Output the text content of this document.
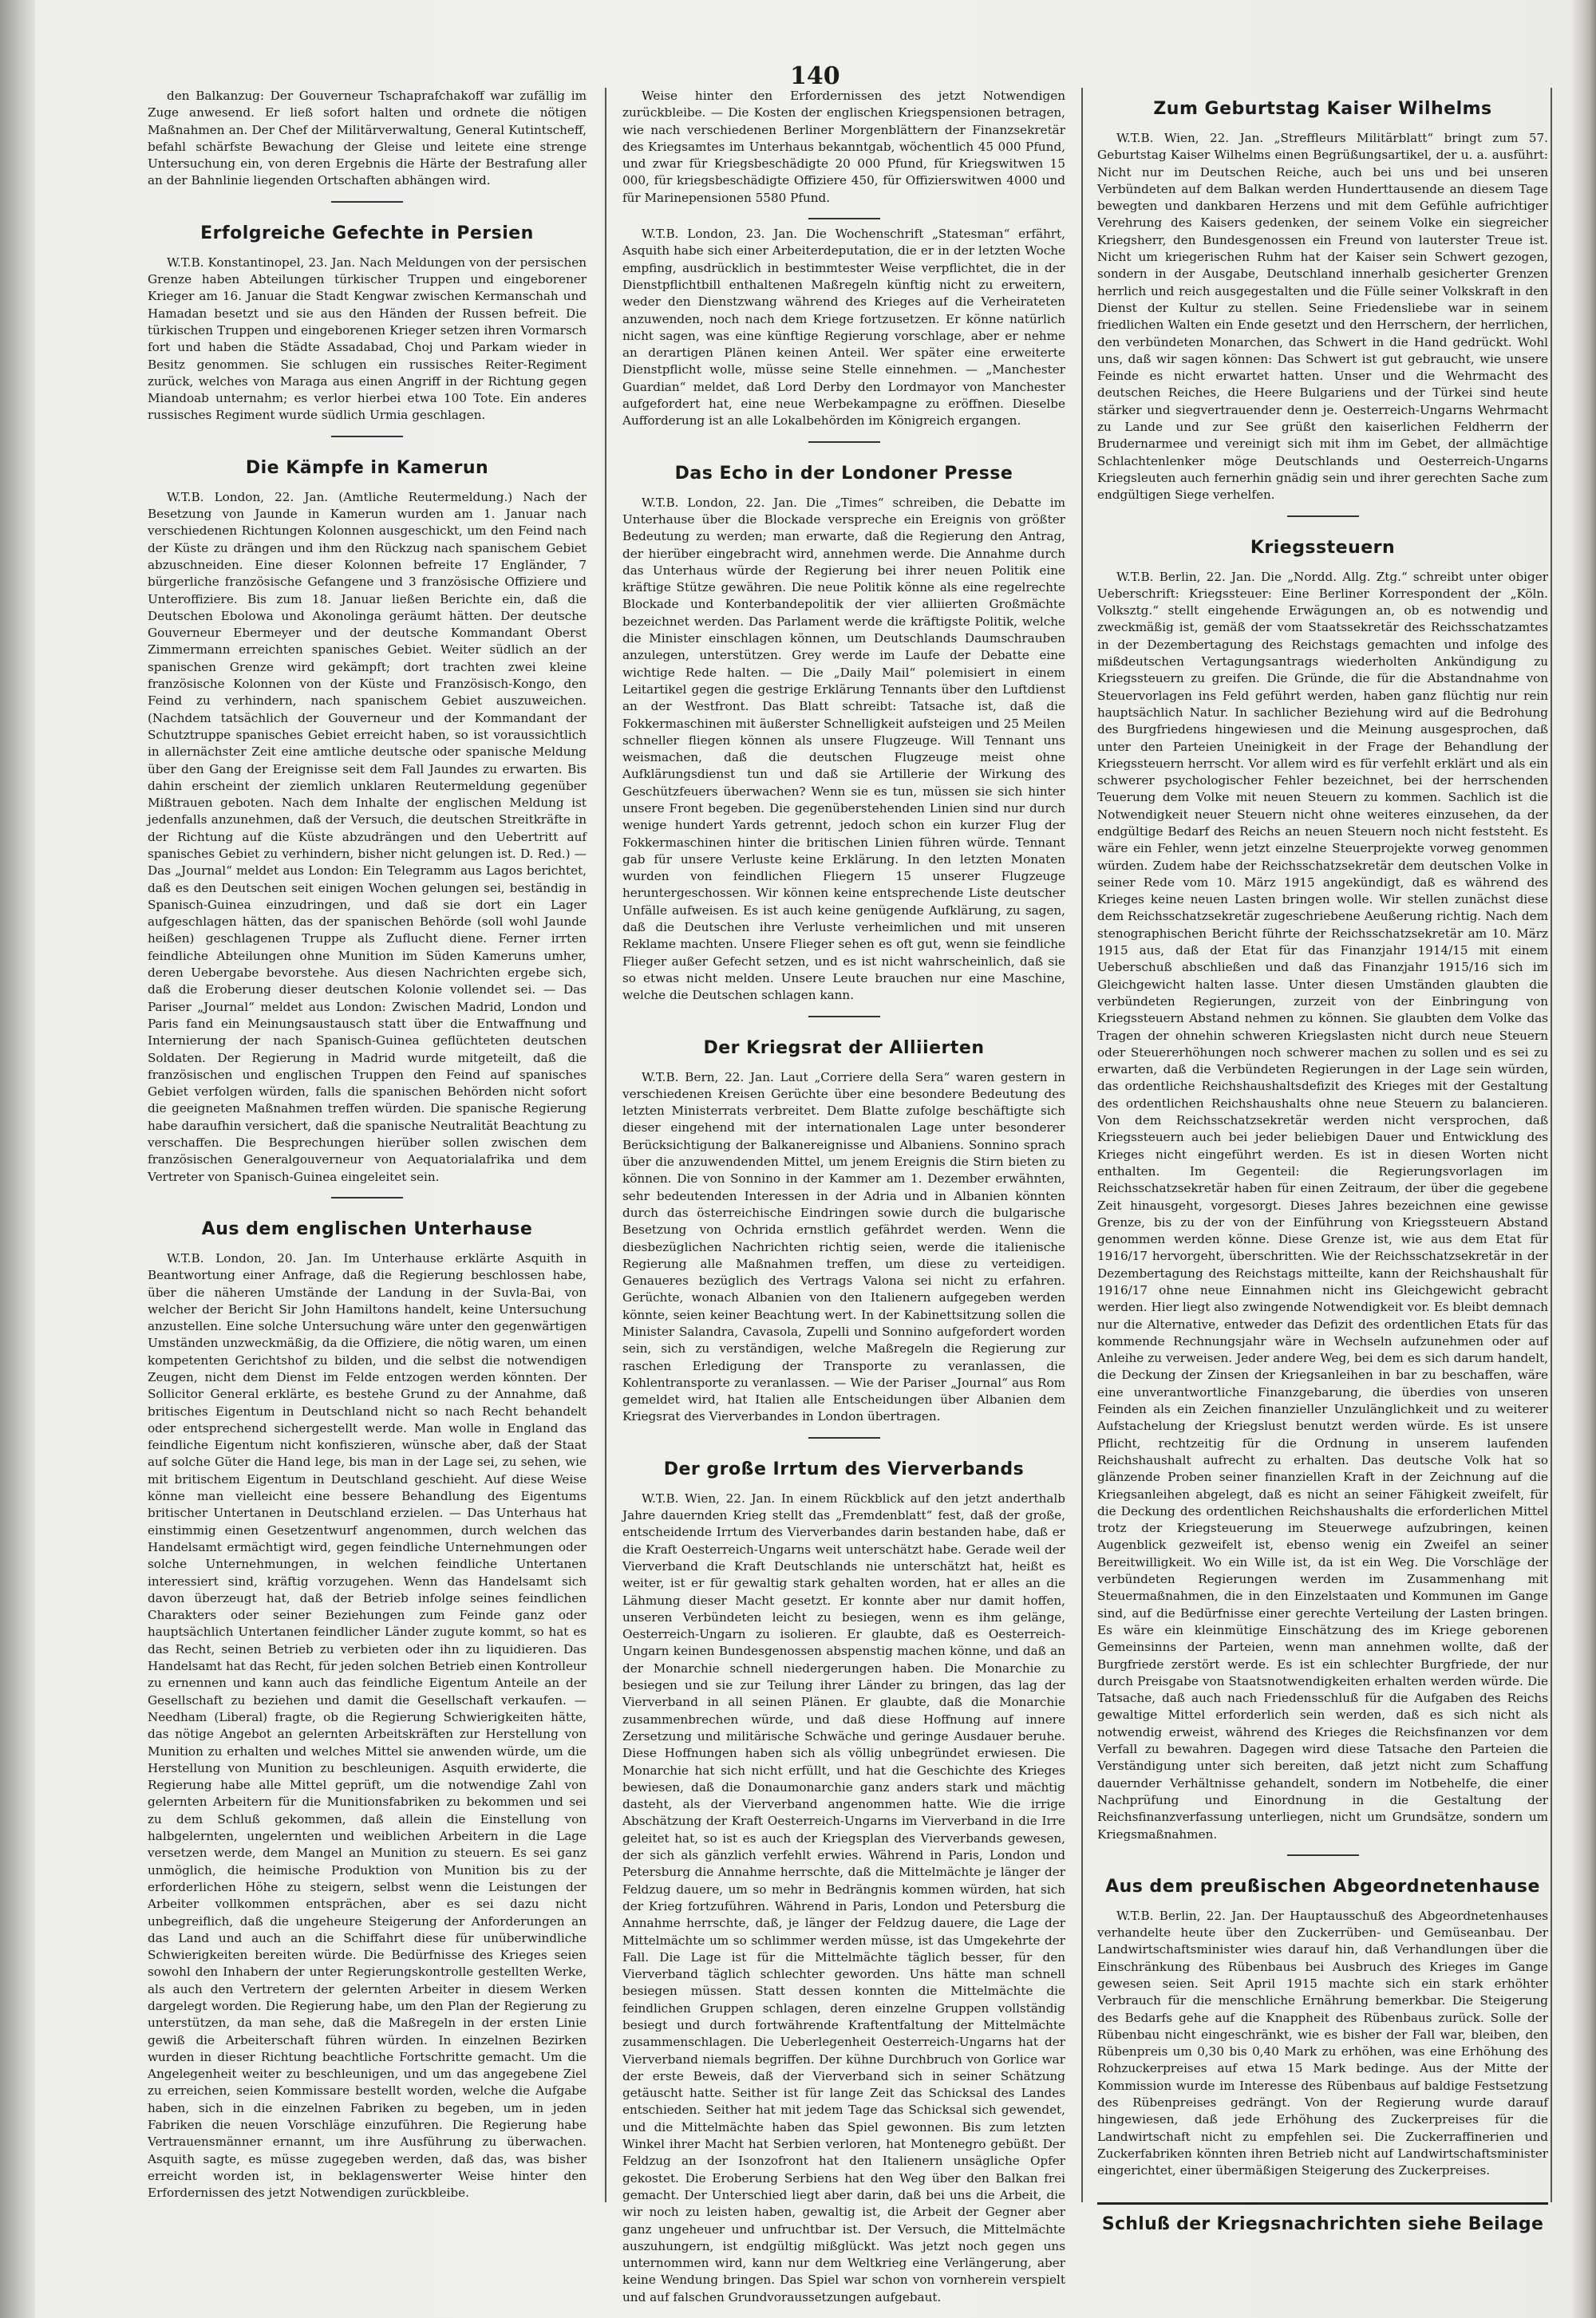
140

den Balkanzug: Der Gouverneur Tschaprafchakoff war zufällig im Zuge anwesend. Er ließ sofort halten und ordnete die nötigen Maßnahmen an. Der Chef der Militärverwaltung, General Kutintscheff, befahl schärfste Bewachung der Gleise und leitete eine strenge Untersuchung ein, von deren Ergebnis die Härte der Bestrafung aller an der Bahnlinie liegenden Ortschaften abhängen wird.

Erfolgreiche Gefechte in Persien

W.T.B. Konstantinopel, 23. Jan. Nach Meldungen von der persischen Grenze haben Abteilungen türkischer Truppen und eingeborener Krieger am 16. Januar die Stadt Kengwar zwischen Kermanschah und Hamadan besetzt und sie aus den Händen der Russen befreit. Die türkischen Truppen und eingeborenen Krieger setzen ihren Vormarsch fort und haben die Städte Assadabad, Choj und Parkam wieder in Besitz genommen. Sie schlugen ein russisches Reiter-Regiment zurück, welches von Maraga aus einen Angriff in der Richtung gegen Miandoab unternahm; es verlor hierbei etwa 100 Tote. Ein anderes russisches Regiment wurde südlich Urmia geschlagen.

Die Kämpfe in Kamerun

W.T.B. London, 22. Jan. (Amtliche Reutermeldung.) Nach der Besetzung von Jaunde in Kamerun wurden am 1. Januar nach verschiedenen Richtungen Kolonnen ausgeschickt, um den Feind nach der Küste zu drängen und ihm den Rückzug nach spanischem Gebiet abzuschneiden. Eine dieser Kolonnen befreite 17 Engländer, 7 bürgerliche französische Gefangene und 3 französische Offiziere und Unteroffiziere. Bis zum 18. Januar ließen Berichte ein, daß die Deutschen Ebolowa und Akonolinga geräumt hätten. Der deutsche Gouverneur Ebermeyer und der deutsche Kommandant Oberst Zimmermann erreichten spanisches Gebiet. Weiter südlich an der spanischen Grenze wird gekämpft; dort trachten zwei kleine französische Kolonnen von der Küste und Französisch-Kongo, den Feind zu verhindern, nach spanischem Gebiet auszuweichen. (Nachdem tatsächlich der Gouverneur und der Kommandant der Schutztruppe spanisches Gebiet erreicht haben, so ist voraussichtlich in allernächster Zeit eine amtliche deutsche oder spanische Meldung über den Gang der Ereignisse seit dem Fall Jaundes zu erwarten. Bis dahin erscheint der ziemlich unklaren Reutermeldung gegenüber Mißtrauen geboten. Nach dem Inhalte der englischen Meldung ist jedenfalls anzunehmen, daß der Versuch, die deutschen Streitkräfte in der Richtung auf die Küste abzudrängen und den Uebertritt auf spanisches Gebiet zu verhindern, bisher nicht gelungen ist. D. Red.) — Das „Journal“ meldet aus London: Ein Telegramm aus Lagos berichtet, daß es den Deutschen seit einigen Wochen gelungen sei, beständig in Spanisch-Guinea einzudringen, und daß sie dort ein Lager aufgeschlagen hätten, das der spanischen Behörde (soll wohl Jaunde heißen) geschlagenen Truppe als Zuflucht diene. Ferner irrten feindliche Abteilungen ohne Munition im Süden Kameruns umher, deren Uebergabe bevorstehe. Aus diesen Nachrichten ergebe sich, daß die Eroberung dieser deutschen Kolonie vollendet sei. — Das Pariser „Journal“ meldet aus London: Zwischen Madrid, London und Paris fand ein Meinungsaustausch statt über die Entwaffnung und Internierung der nach Spanisch-Guinea geflüchteten deutschen Soldaten. Der Regierung in Madrid wurde mitgeteilt, daß die französischen und englischen Truppen den Feind auf spanisches Gebiet verfolgen würden, falls die spanischen Behörden nicht sofort die geeigneten Maßnahmen treffen würden. Die spanische Regierung habe daraufhin versichert, daß die spanische Neutralität Beachtung zu verschaffen. Die Besprechungen hierüber sollen zwischen dem französischen Generalgouverneur von Aequatorialafrika und dem Vertreter von Spanisch-Guinea eingeleitet sein.

Aus dem englischen Unterhause

W.T.B. London, 20. Jan. Im Unterhause erklärte Asquith in Beantwortung einer Anfrage, daß die Regierung beschlossen habe, über die näheren Umstände der Landung in der Suvla-Bai, von welcher der Bericht Sir John Hamiltons handelt, keine Untersuchung anzustellen. Eine solche Untersuchung wäre unter den gegenwärtigen Umständen unzweckmäßig, da die Offiziere, die nötig waren, um einen kompetenten Gerichtshof zu bilden, und die selbst die notwendigen Zeugen, nicht dem Dienst im Felde entzogen werden könnten. Der Sollicitor General erklärte, es bestehe Grund zu der Annahme, daß britisches Eigentum in Deutschland nicht so nach Recht behandelt oder entsprechend sichergestellt werde. Man wolle in England das feindliche Eigentum nicht konfiszieren, wünsche aber, daß der Staat auf solche Güter die Hand lege, bis man in der Lage sei, zu sehen, wie mit britischem Eigentum in Deutschland geschieht. Auf diese Weise könne man vielleicht eine bessere Behandlung des Eigentums britischer Untertanen in Deutschland erzielen. — Das Unterhaus hat einstimmig einen Gesetzentwurf angenommen, durch welchen das Handelsamt ermächtigt wird, gegen feindliche Unternehmungen oder solche Unternehmungen, in welchen feindliche Untertanen interessiert sind, kräftig vorzugehen. Wenn das Handelsamt sich davon überzeugt hat, daß der Betrieb infolge seines feindlichen Charakters oder seiner Beziehungen zum Feinde ganz oder hauptsächlich Untertanen feindlicher Länder zugute kommt, so hat es das Recht, seinen Betrieb zu verbieten oder ihn zu liquidieren. Das Handelsamt hat das Recht, für jeden solchen Betrieb einen Kontrolleur zu ernennen und kann auch das feindliche Eigentum Anteile an der Gesellschaft zu beziehen und damit die Gesellschaft verkaufen. — Needham (Liberal) fragte, ob die Regierung Schwierigkeiten hätte, das nötige Angebot an gelernten Arbeitskräften zur Herstellung von Munition zu erhalten und welches Mittel sie anwenden würde, um die Herstellung von Munition zu beschleunigen. Asquith erwiderte, die Regierung habe alle Mittel geprüft, um die notwendige Zahl von gelernten Arbeitern für die Munitionsfabriken zu bekommen und sei zu dem Schluß gekommen, daß allein die Einstellung von halbgelernten, ungelernten und weiblichen Arbeitern in die Lage versetzen werde, dem Mangel an Munition zu steuern. Es sei ganz unmöglich, die heimische Produktion von Munition bis zu der erforderlichen Höhe zu steigern, selbst wenn die Leistungen der Arbeiter vollkommen entsprächen, aber es sei dazu nicht unbegreiflich, daß die ungeheure Steigerung der Anforderungen an das Land und auch an die Schiffahrt diese für unüberwindliche Schwierigkeiten bereiten würde. Die Bedürfnisse des Krieges seien sowohl den Inhabern der unter Regierungskontrolle gestellten Werke, als auch den Vertretern der gelernten Arbeiter in diesem Werken dargelegt worden. Die Regierung habe, um den Plan der Regierung zu unterstützen, da man sehe, daß die Maßregeln in der ersten Linie gewiß die Arbeiterschaft führen würden. In einzelnen Bezirken wurden in dieser Richtung beachtliche Fortschritte gemacht. Um die Angelegenheit weiter zu beschleunigen, und um das angegebene Ziel zu erreichen, seien Kommissare bestellt worden, welche die Aufgabe haben, sich in die einzelnen Fabriken zu begeben, um in jeden Fabriken die neuen Vorschläge einzuführen. Die Regierung habe Vertrauensmänner ernannt, um ihre Ausführung zu überwachen. Asquith sagte, es müsse zugegeben werden, daß das, was bisher erreicht worden ist, in beklagenswerter Weise hinter den Erfordernissen des jetzt Notwendigen zurückbleibe.

Weise hinter den Erfordernissen des jetzt Notwendigen zurückbleibe. — Die Kosten der englischen Kriegspensionen betragen, wie nach verschiedenen Berliner Morgenblättern der Finanzsekretär des Kriegsamtes im Unterhaus bekanntgab, wöchentlich 45 000 Pfund, und zwar für Kriegsbeschädigte 20 000 Pfund, für Kriegswitwen 15 000, für kriegsbeschädigte Offiziere 450, für Offizierswitwen 4000 und für Marinepensionen 5580 Pfund.

W.T.B. London, 23. Jan. Die Wochenschrift „Statesman“ erfährt, Asquith habe sich einer Arbeiterdeputation, die er in der letzten Woche empfing, ausdrücklich in bestimmtester Weise verpflichtet, die in der Dienstpflichtbill enthaltenen Maßregeln künftig nicht zu erweitern, weder den Dienstzwang während des Krieges auf die Verheirateten anzuwenden, noch nach dem Kriege fortzusetzen. Er könne natürlich nicht sagen, was eine künftige Regierung vorschlage, aber er nehme an derartigen Plänen keinen Anteil. Wer später eine erweiterte Dienstpflicht wolle, müsse seine Stelle einnehmen. — „Manchester Guardian“ meldet, daß Lord Derby den Lordmayor von Manchester aufgefordert hat, eine neue Werbekampagne zu eröffnen. Dieselbe Aufforderung ist an alle Lokalbehörden im Königreich ergangen.

Das Echo in der Londoner Presse

W.T.B. London, 22. Jan. Die „Times“ schreiben, die Debatte im Unterhause über die Blockade verspreche ein Ereignis von größter Bedeutung zu werden; man erwarte, daß die Regierung den Antrag, der hierüber eingebracht wird, annehmen werde. Die Annahme durch das Unterhaus würde der Regierung bei ihrer neuen Politik eine kräftige Stütze gewähren. Die neue Politik könne als eine regelrechte Blockade und Konterbandepolitik der vier alliierten Großmächte bezeichnet werden. Das Parlament werde die kräftigste Politik, welche die Minister einschlagen können, um Deutschlands Daumschrauben anzulegen, unterstützen. Grey werde im Laufe der Debatte eine wichtige Rede halten. — Die „Daily Mail“ polemisiert in einem Leitartikel gegen die gestrige Erklärung Tennants über den Luftdienst an der Westfront. Das Blatt schreibt: Tatsache ist, daß die Fokkermaschinen mit äußerster Schnelligkeit aufsteigen und 25 Meilen schneller fliegen können als unsere Flugzeuge. Will Tennant uns weismachen, daß die deutschen Flugzeuge meist ohne Aufklärungsdienst tun und daß sie Artillerie der Wirkung des Geschützfeuers überwachen? Wenn sie es tun, müssen sie sich hinter unsere Front begeben. Die gegenüberstehenden Linien sind nur durch wenige hundert Yards getrennt, jedoch schon ein kurzer Flug der Fokkermaschinen hinter die britischen Linien führen würde. Tennant gab für unsere Verluste keine Erklärung. In den letzten Monaten wurden von feindlichen Fliegern 15 unserer Flugzeuge heruntergeschossen. Wir können keine entsprechende Liste deutscher Unfälle aufweisen. Es ist auch keine genügende Aufklärung, zu sagen, daß die Deutschen ihre Verluste verheimlichen und mit unseren Reklame machten. Unsere Flieger sehen es oft gut, wenn sie feindliche Flieger außer Gefecht setzen, und es ist nicht wahrscheinlich, daß sie so etwas nicht melden. Unsere Leute brauchen nur eine Maschine, welche die Deutschen schlagen kann.

Der Kriegsrat der Alliierten

W.T.B. Bern, 22. Jan. Laut „Corriere della Sera“ waren gestern in verschiedenen Kreisen Gerüchte über eine besondere Bedeutung des letzten Ministerrats verbreitet. Dem Blatte zufolge beschäftigte sich dieser eingehend mit der internationalen Lage unter besonderer Berücksichtigung der Balkanereignisse und Albaniens. Sonnino sprach über die anzuwendenden Mittel, um jenem Ereignis die Stirn bieten zu können. Die von Sonnino in der Kammer am 1. Dezember erwähnten, sehr bedeutenden Interessen in der Adria und in Albanien könnten durch das österreichische Eindringen sowie durch die bulgarische Besetzung von Ochrida ernstlich gefährdet werden. Wenn die diesbezüglichen Nachrichten richtig seien, werde die italienische Regierung alle Maßnahmen treffen, um diese zu verteidigen. Genaueres bezüglich des Vertrags Valona sei nicht zu erfahren. Gerüchte, wonach Albanien von den Italienern aufgegeben werden könnte, seien keiner Beachtung wert. In der Kabinettsitzung sollen die Minister Salandra, Cavasola, Zupelli und Sonnino aufgefordert worden sein, sich zu verständigen, welche Maßregeln die Regierung zur raschen Erledigung der Transporte zu veranlassen, die Kohlentransporte zu veranlassen. — Wie der Pariser „Journal“ aus Rom gemeldet wird, hat Italien alle Entscheidungen über Albanien dem Kriegsrat des Vierverbandes in London übertragen.

Der große Irrtum des Vierverbands

W.T.B. Wien, 22. Jan. In einem Rückblick auf den jetzt anderthalb Jahre dauernden Krieg stellt das „Fremdenblatt“ fest, daß der große, entscheidende Irrtum des Vierverbandes darin bestanden habe, daß er die Kraft Oesterreich-Ungarns weit unterschätzt habe. Gerade weil der Vierverband die Kraft Deutschlands nie unterschätzt hat, heißt es weiter, ist er für gewaltig stark gehalten worden, hat er alles an die Lähmung dieser Macht gesetzt. Er konnte aber nur damit hoffen, unseren Verbündeten leicht zu besiegen, wenn es ihm gelänge, Oesterreich-Ungarn zu isolieren. Er glaubte, daß es Oesterreich-Ungarn keinen Bundesgenossen abspenstig machen könne, und daß an der Monarchie schnell niedergerungen haben. Die Monarchie zu besiegen und sie zur Teilung ihrer Länder zu bringen, das lag der Vierverband in all seinen Plänen. Er glaubte, daß die Monarchie zusammenbrechen würde, und daß diese Hoffnung auf innere Zersetzung und militärische Schwäche und geringe Ausdauer beruhe. Diese Hoffnungen haben sich als völlig unbegründet erwiesen. Die Monarchie hat sich nicht erfüllt, und hat die Geschichte des Krieges bewiesen, daß die Donaumonarchie ganz anders stark und mächtig dasteht, als der Vierverband angenommen hatte. Wie die irrige Abschätzung der Kraft Oesterreich-Ungarns im Vierverband in die Irre geleitet hat, so ist es auch der Kriegsplan des Vierverbands gewesen, der sich als gänzlich verfehlt erwies. Während in Paris, London und Petersburg die Annahme herrschte, daß die Mittelmächte je länger der Feldzug dauere, um so mehr in Bedrängnis kommen würden, hat sich der Krieg fortzuführen. Während in Paris, London und Petersburg die Annahme herrschte, daß, je länger der Feldzug dauere, die Lage der Mittelmächte um so schlimmer werden müsse, ist das Umgekehrte der Fall. Die Lage ist für die Mittelmächte täglich besser, für den Vierverband täglich schlechter geworden. Uns hätte man schnell besiegen müssen. Statt dessen konnten die Mittelmächte die feindlichen Gruppen schlagen, deren einzelne Gruppen vollständig besiegt und durch fortwährende Kraftentfaltung der Mittelmächte zusammenschlagen. Die Ueberlegenheit Oesterreich-Ungarns hat der Vierverband niemals begriffen. Der kühne Durchbruch von Gorlice war der erste Beweis, daß der Vierverband sich in seiner Schätzung getäuscht hatte. Seither ist für lange Zeit das Schicksal des Landes entschieden. Seither hat mit jedem Tage das Schicksal sich gewendet, und die Mittelmächte haben das Spiel gewonnen. Bis zum letzten Winkel ihrer Macht hat Serbien verloren, hat Montenegro gebüßt. Der Feldzug an der Isonzofront hat den Italienern unsägliche Opfer gekostet. Die Eroberung Serbiens hat den Weg über den Balkan frei gemacht. Der Unterschied liegt aber darin, daß bei uns die Arbeit, die wir noch zu leisten haben, gewaltig ist, die Arbeit der Gegner aber ganz ungeheuer und unfruchtbar ist. Der Versuch, die Mittelmächte auszuhungern, ist endgültig mißglückt. Was jetzt noch gegen uns unternommen wird, kann nur dem Weltkrieg eine Verlängerung, aber keine Wendung bringen. Das Spiel war schon von vornherein verspielt und auf falschen Grundvoraussetzungen aufgebaut.

Zum Geburtstag Kaiser Wilhelms

W.T.B. Wien, 22. Jan. „Streffleurs Militärblatt“ bringt zum 57. Geburtstag Kaiser Wilhelms einen Begrüßungsartikel, der u. a. ausführt: Nicht nur im Deutschen Reiche, auch bei uns und bei unseren Verbündeten auf dem Balkan werden Hunderttausende an diesem Tage bewegten und dankbaren Herzens und mit dem Gefühle aufrichtiger Verehrung des Kaisers gedenken, der seinem Volke ein siegreicher Kriegsherr, den Bundesgenossen ein Freund von lauterster Treue ist. Nicht um kriegerischen Ruhm hat der Kaiser sein Schwert gezogen, sondern in der Ausgabe, Deutschland innerhalb gesicherter Grenzen herrlich und reich ausgegestalten und die Fülle seiner Volkskraft in den Dienst der Kultur zu stellen. Seine Friedensliebe war in seinem friedlichen Walten ein Ende gesetzt und den Herrschern, der herrlichen, den verbündeten Monarchen, das Schwert in die Hand gedrückt. Wohl uns, daß wir sagen können: Das Schwert ist gut gebraucht, wie unsere Feinde es nicht erwartet hatten. Unser und die Wehrmacht des deutschen Reiches, die Heere Bulgariens und der Türkei sind heute stärker und siegvertrauender denn je. Oesterreich-Ungarns Wehrmacht zu Lande und zur See grüßt den kaiserlichen Feldherrn der Brudernarmee und vereinigt sich mit ihm im Gebet, der allmächtige Schlachtenlenker möge Deutschlands und Oesterreich-Ungarns Kriegsleuten auch fernerhin gnädig sein und ihrer gerechten Sache zum endgültigen Siege verhelfen.

Kriegssteuern

W.T.B. Berlin, 22. Jan. Die „Nordd. Allg. Ztg.“ schreibt unter obiger Ueberschrift: Kriegssteuer: Eine Berliner Korrespondent der „Köln. Volksztg.“ stellt eingehende Erwägungen an, ob es notwendig und zweckmäßig ist, gemäß der vom Staatssekretär des Reichsschatzamtes in der Dezembertagung des Reichstags gemachten und infolge des mißdeutschen Vertagungsantrags wiederholten Ankündigung zu Kriegssteuern zu greifen. Die Gründe, die für die Abstandnahme von Steuervorlagen ins Feld geführt werden, haben ganz flüchtig nur rein hauptsächlich Natur. In sachlicher Beziehung wird auf die Bedrohung des Burgfriedens hingewiesen und die Meinung ausgesprochen, daß unter den Parteien Uneinigkeit in der Frage der Behandlung der Kriegssteuern herrscht. Vor allem wird es für verfehlt erklärt und als ein schwerer psychologischer Fehler bezeichnet, bei der herrschenden Teuerung dem Volke mit neuen Steuern zu kommen. Sachlich ist die Notwendigkeit neuer Steuern nicht ohne weiteres einzusehen, da der endgültige Bedarf des Reichs an neuen Steuern noch nicht feststeht. Es wäre ein Fehler, wenn jetzt einzelne Steuerprojekte vorweg genommen würden. Zudem habe der Reichsschatzsekretär dem deutschen Volke in seiner Rede vom 10. März 1915 angekündigt, daß es während des Krieges keine neuen Lasten bringen wolle. Wir stellen zunächst diese dem Reichsschatzsekretär zugeschriebene Aeußerung richtig. Nach dem stenographischen Bericht führte der Reichsschatzsekretär am 10. März 1915 aus, daß der Etat für das Finanzjahr 1914/15 mit einem Ueberschuß abschließen und daß das Finanzjahr 1915/16 sich im Gleichgewicht halten lasse. Unter diesen Umständen glaubten die verbündeten Regierungen, zurzeit von der Einbringung von Kriegssteuern Abstand nehmen zu können. Sie glaubten dem Volke das Tragen der ohnehin schweren Kriegslasten nicht durch neue Steuern oder Steuererhöhungen noch schwerer machen zu sollen und es sei zu erwarten, daß die Verbündeten Regierungen in der Lage sein würden, das ordentliche Reichshaushaltsdefizit des Krieges mit der Gestaltung des ordentlichen Reichshaushalts ohne neue Steuern zu balancieren. Von dem Reichsschatzsekretär werden nicht versprochen, daß Kriegssteuern auch bei jeder beliebigen Dauer und Entwicklung des Krieges nicht eingeführt werden. Es ist in diesen Worten nicht enthalten. Im Gegenteil: die Regierungsvorlagen im Reichsschatzsekretär haben für einen Zeitraum, der über die gegebene Zeit hinausgeht, vorgesorgt. Dieses Jahres bezeichnen eine gewisse Grenze, bis zu der von der Einführung von Kriegssteuern Abstand genommen werden könne. Diese Grenze ist, wie aus dem Etat für 1916/17 hervorgeht, überschritten. Wie der Reichsschatzsekretär in der Dezembertagung des Reichstags mitteilte, kann der Reichshaushalt für 1916/17 ohne neue Einnahmen nicht ins Gleichgewicht gebracht werden. Hier liegt also zwingende Notwendigkeit vor. Es bleibt demnach nur die Alternative, entweder das Defizit des ordentlichen Etats für das kommende Rechnungsjahr wäre in Wechseln aufzunehmen oder auf Anleihe zu verweisen. Jeder andere Weg, bei dem es sich darum handelt, die Deckung der Zinsen der Kriegsanleihen in bar zu beschaffen, wäre eine unverantwortliche Finanzgebarung, die überdies von unseren Feinden als ein Zeichen finanzieller Unzulänglichkeit und zu weiterer Aufstachelung der Kriegslust benutzt werden würde. Es ist unsere Pflicht, rechtzeitig für die Ordnung in unserem laufenden Reichshaushalt aufrecht zu erhalten. Das deutsche Volk hat so glänzende Proben seiner finanziellen Kraft in der Zeichnung auf die Kriegsanleihen abgelegt, daß es nicht an seiner Fähigkeit zweifelt, für die Deckung des ordentlichen Reichshaushalts die erforderlichen Mittel trotz der Kriegsteuerung im Steuerwege aufzubringen, keinen Augenblick gezweifelt ist, ebenso wenig ein Zweifel an seiner Bereitwilligkeit. Wo ein Wille ist, da ist ein Weg. Die Vorschläge der verbündeten Regierungen werden im Zusammenhang mit Steuermaßnahmen, die in den Einzelstaaten und Kommunen im Gange sind, auf die Bedürfnisse einer gerechte Verteilung der Lasten bringen. Es wäre ein kleinmütige Einschätzung des im Kriege geborenen Gemeinsinns der Parteien, wenn man annehmen wollte, daß der Burgfriede zerstört werde. Es ist ein schlechter Burgfriede, der nur durch Preisgabe von Staatsnotwendigkeiten erhalten werden würde. Die Tatsache, daß auch nach Friedensschluß für die Aufgaben des Reichs gewaltige Mittel erforderlich sein werden, daß es sich nicht als notwendig erweist, während des Krieges die Reichsfinanzen vor dem Verfall zu bewahren. Dagegen wird diese Tatsache den Parteien die Verständigung unter sich bereiten, daß jetzt nicht zum Schaffung dauernder Verhältnisse gehandelt, sondern im Notbehelfe, die einer Nachprüfung und Einordnung in die Gestaltung der Reichsfinanzverfassung unterliegen, nicht um Grundsätze, sondern um Kriegsmaßnahmen.

Aus dem preußischen Abgeordnetenhause

W.T.B. Berlin, 22. Jan. Der Hauptausschuß des Abgeordnetenhauses verhandelte heute über den Zuckerrüben- und Gemüseanbau. Der Landwirtschaftsminister wies darauf hin, daß Verhandlungen über die Einschränkung des Rübenbaus bei Ausbruch des Krieges im Gange gewesen seien. Seit April 1915 machte sich ein stark erhöhter Verbrauch für die menschliche Ernährung bemerkbar. Die Steigerung des Bedarfs gehe auf die Knappheit des Rübenbaus zurück. Solle der Rübenbau nicht eingeschränkt, wie es bisher der Fall war, bleiben, den Rübenpreis um 0,30 bis 0,40 Mark zu erhöhen, was eine Erhöhung des Rohzuckerpreises auf etwa 15 Mark bedinge. Aus der Mitte der Kommission wurde im Interesse des Rübenbaus auf baldige Festsetzung des Rübenpreises gedrängt. Von der Regierung wurde darauf hingewiesen, daß jede Erhöhung des Zuckerpreises für die Landwirtschaft nicht zu empfehlen sei. Die Zuckerraffinerien und Zuckerfabriken könnten ihren Betrieb nicht auf Landwirtschaftsminister eingerichtet, einer übermäßigen Steigerung des Zuckerpreises.

Schluß der Kriegsnachrichten siehe Beilage
